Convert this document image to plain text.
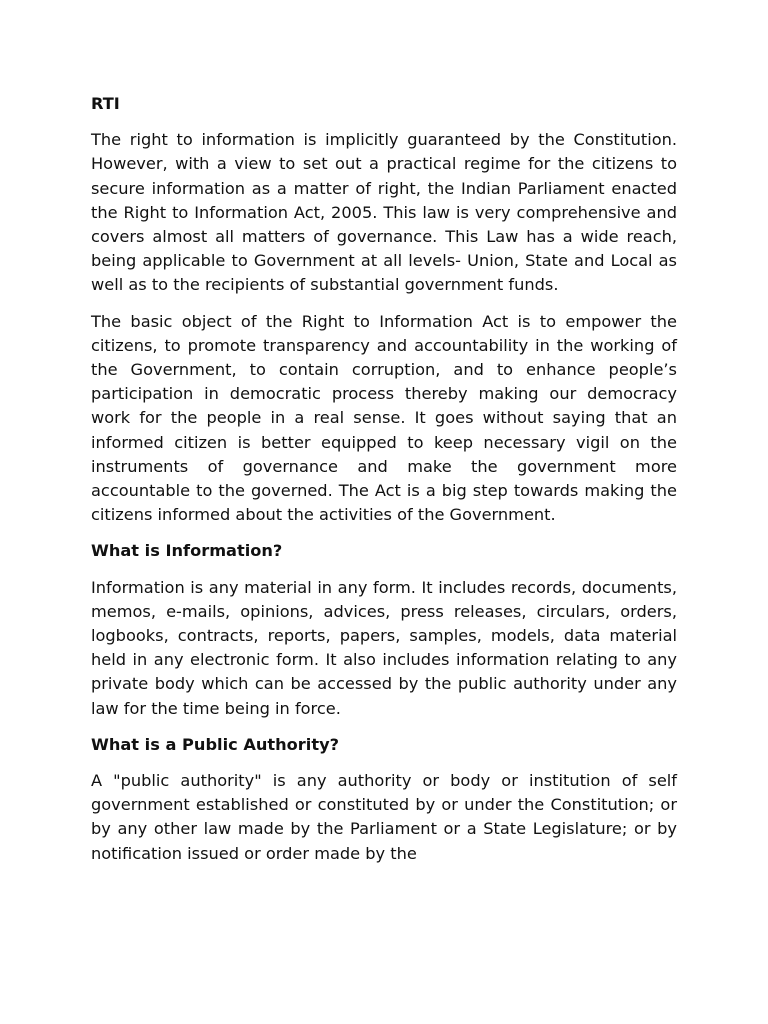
RTI

The right to information is implicitly guaranteed by the Constitution. However, with a view to set out a practical regime for the citizens to secure information as a matter of right, the Indian Parliament enacted the Right to Information Act, 2005. This law is very comprehensive and covers almost all matters of governance. This Law has a wide reach, being applicable to Government at all levels- Union, State and Local as well as to the recipients of substantial government funds.

The basic object of the Right to Information Act is to empower the citizens, to promote transparency and accountability in the working of the Government, to contain corruption, and to enhance people’s participation in democratic process thereby making our democracy work for the people in a real sense. It goes without saying that an informed citizen is better equipped to keep necessary vigil on the instruments of governance and make the government more accountable to the governed. The Act is a big step towards making the citizens informed about the activities of the Government.

What is Information?

Information is any material in any form. It includes records, documents, memos, e-mails, opinions, advices, press releases, circulars, orders, logbooks, contracts, reports, papers, samples, models, data material held in any electronic form. It also includes information relating to any private body which can be accessed by the public authority under any law for the time being in force.

What is a Public Authority?

A "public authority" is any authority or body or institution of self government established or constituted by or under the Constitution; or by any other law made by the Parliament or a State Legislature; or by notification issued or order made by the
